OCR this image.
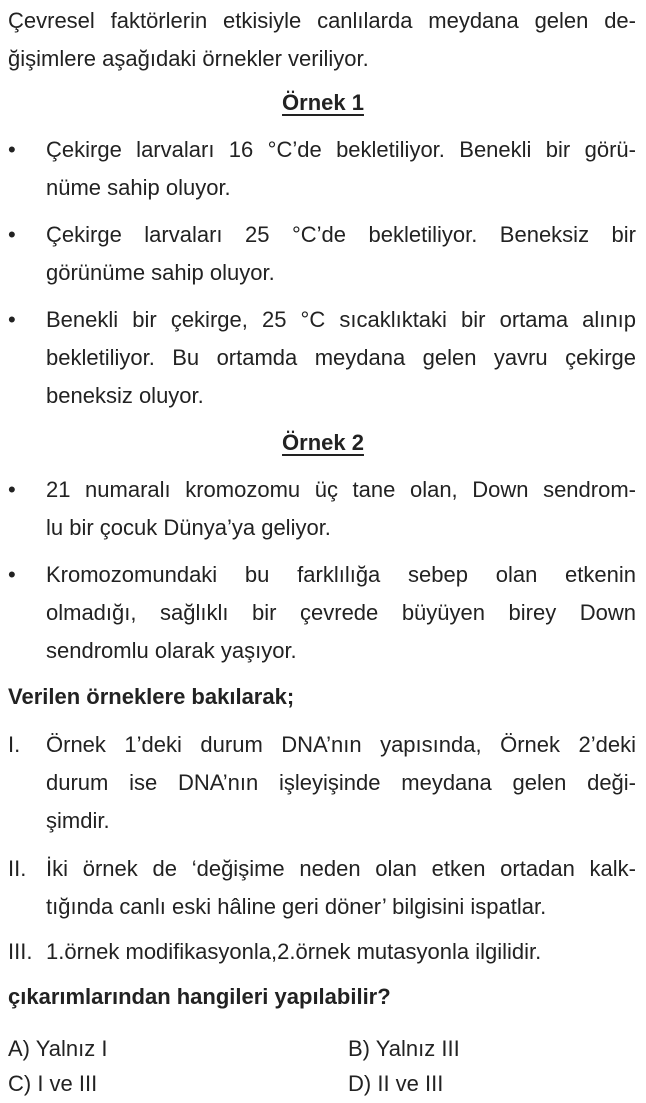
Çevresel faktörlerin etkisiyle canlılarda meydana gelen de-
ğişimlere aşağıdaki örnekler veriliyor.
Örnek 1
• Çekirge larvaları 16 °C’de bekletiliyor. Benekli bir görü-
nüme sahip oluyor.
• Çekirge larvaları 25 °C’de bekletiliyor. Beneksiz bir
görünüme sahip oluyor.
• Benekli bir çekirge, 25 °C sıcaklıktaki bir ortama alınıp
bekletiliyor. Bu ortamda meydana gelen yavru çekirge
beneksiz oluyor.
Örnek 2
• 21 numaralı kromozomu üç tane olan, Down sendrom-
lu bir çocuk Dünya’ya geliyor.
• Kromozomundaki bu farklılığa sebep olan etkenin
olmadığı, sağlıklı bir çevrede büyüyen birey Down
sendromlu olarak yaşıyor.
Verilen örneklere bakılarak;
I. Örnek 1’deki durum DNA’nın yapısında, Örnek 2’deki
durum ise DNA’nın işleyişinde meydana gelen deği-
şimdir.
II. İki örnek de ‘değişime neden olan etken ortadan kalk-
tığında canlı eski hâline geri döner’ bilgisini ispatlar.
III. 1.örnek modifikasyonla,2.örnek mutasyonla ilgilidir.
çıkarımlarından hangileri yapılabilir?
A) Yalnız I	B) Yalnız III
C) I ve III	D) II ve III
